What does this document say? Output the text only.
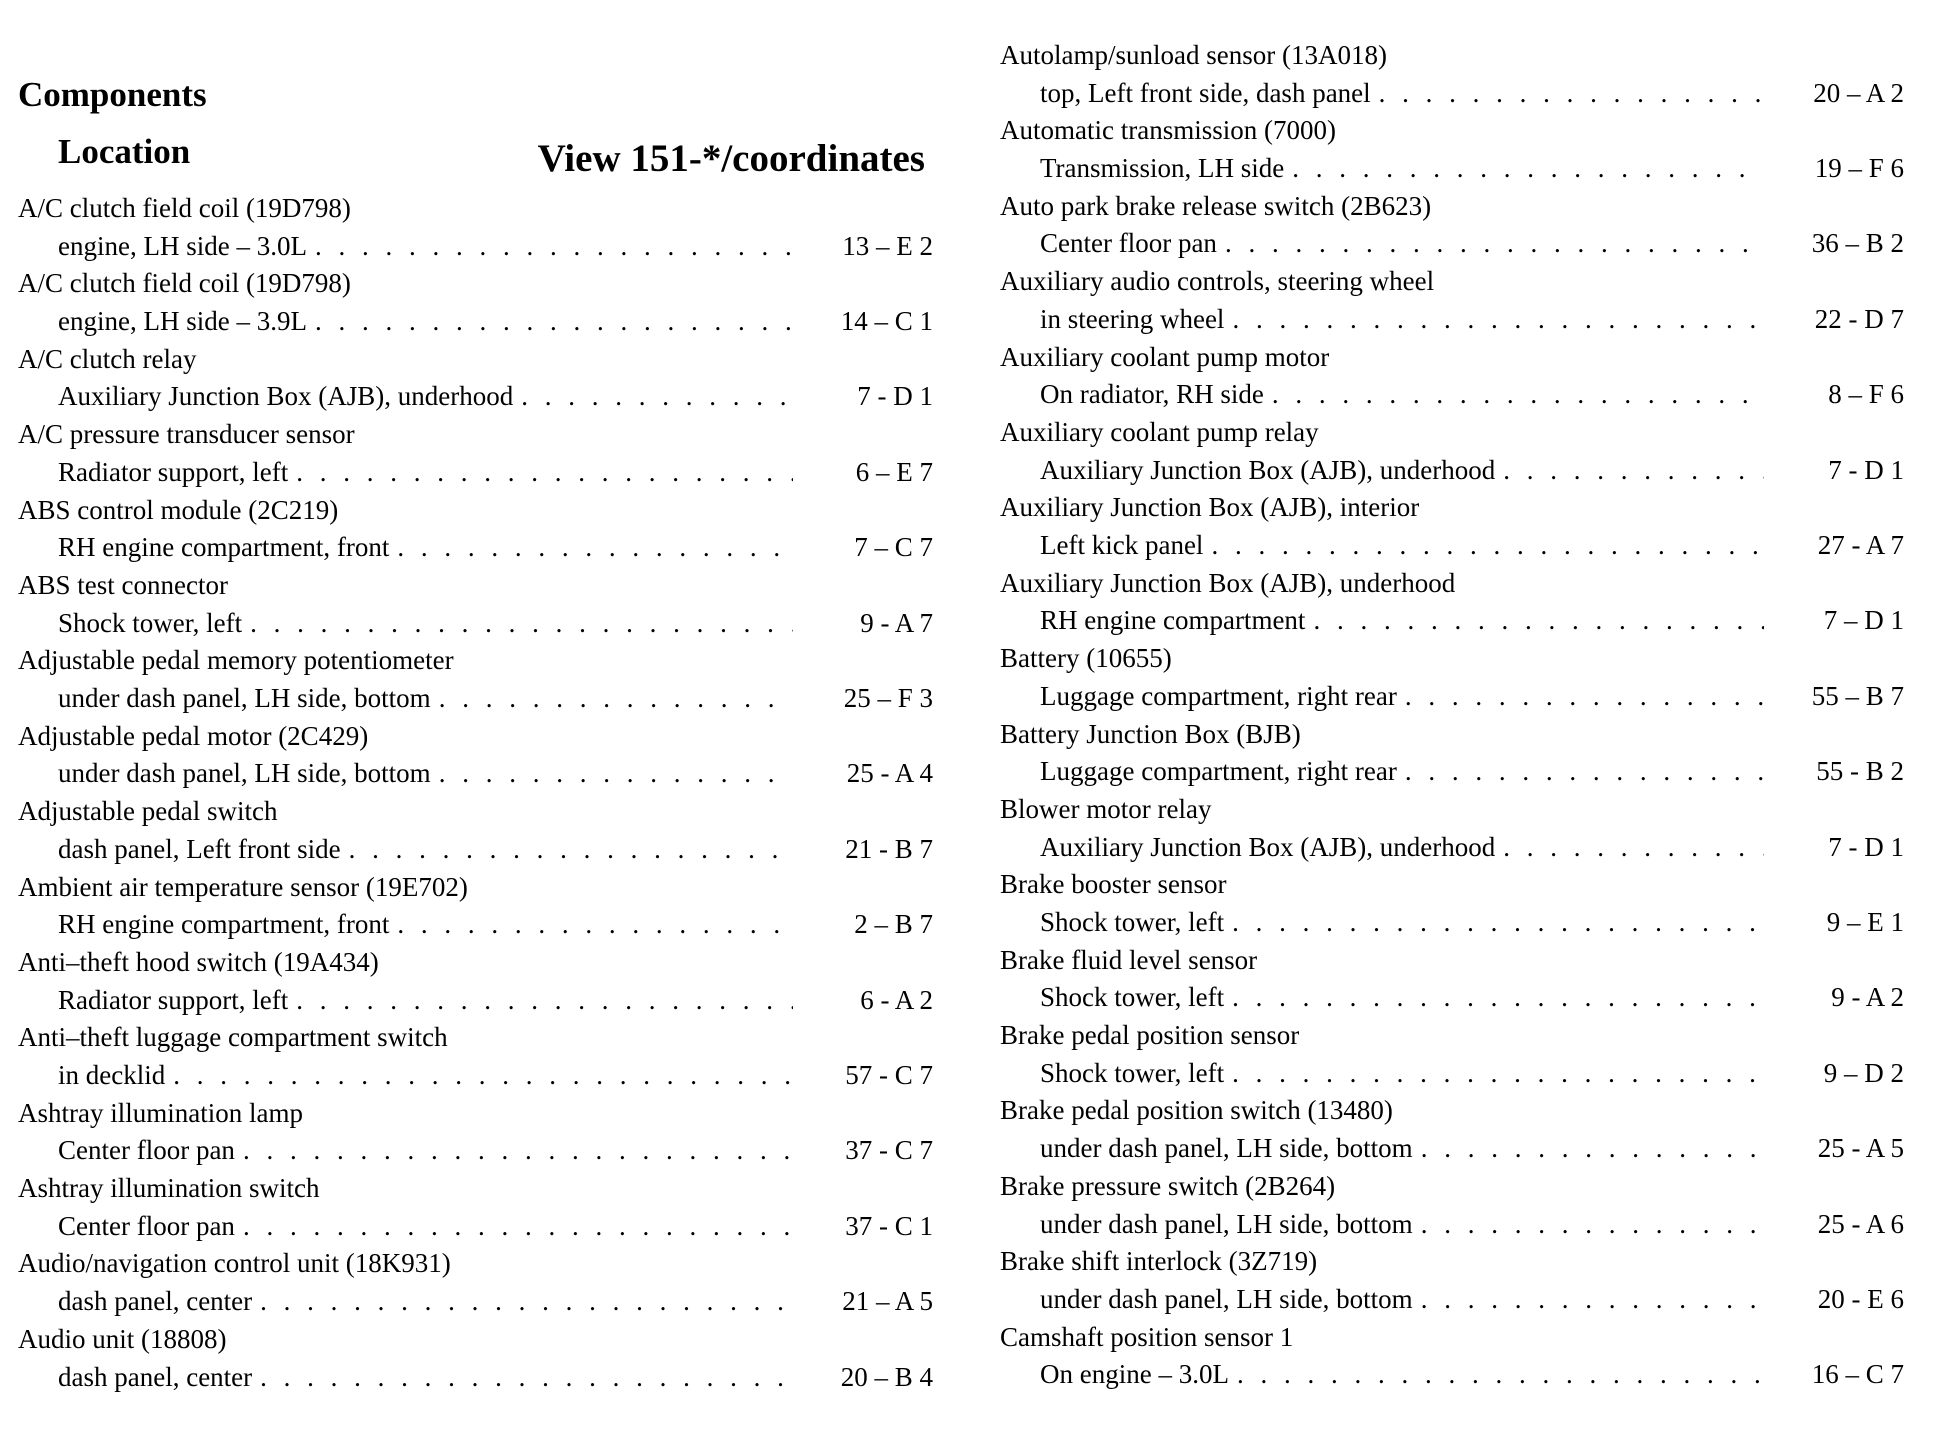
Components
Location	View 151-*/coordinates
A/C clutch field coil (19D798)
engine, LH side – 3.0L . . .	13 – E 2
A/C clutch field coil (19D798)
engine, LH side – 3.9L . . .	14 – C 1
A/C clutch relay
Auxiliary Junction Box (AJB), underhood . . .	7 - D 1
A/C pressure transducer sensor
Radiator support, left . . .	6 – E 7
ABS control module (2C219)
RH engine compartment, front . . .	7 – C 7
ABS test connector
Shock tower, left . . .	9 - A 7
Adjustable pedal memory potentiometer
under dash panel, LH side, bottom . . .	25 – F 3
Adjustable pedal motor (2C429)
under dash panel, LH side, bottom . . .	25 - A 4
Adjustable pedal switch
dash panel, Left front side . . .	21 - B 7
Ambient air temperature sensor (19E702)
RH engine compartment, front . . .	2 – B 7
Anti–theft hood switch (19A434)
Radiator support, left . . .	6 - A 2
Anti–theft luggage compartment switch
in decklid . . .	57 - C 7
Ashtray illumination lamp
Center floor pan . . .	37 - C 7
Ashtray illumination switch
Center floor pan . . .	37 - C 1
Audio/navigation control unit (18K931)
dash panel, center . . .	21 – A 5
Audio unit (18808)
dash panel, center . . .	20 – B 4
Autolamp/sunload sensor (13A018)
top, Left front side, dash panel . . .	20 – A 2
Automatic transmission (7000)
Transmission, LH side . . .	19 – F 6
Auto park brake release switch (2B623)
Center floor pan . . .	36 – B 2
Auxiliary audio controls, steering wheel
in steering wheel . . .	22 - D 7
Auxiliary coolant pump motor
On radiator, RH side . . .	8 – F 6
Auxiliary coolant pump relay
Auxiliary Junction Box (AJB), underhood . . .	7 - D 1
Auxiliary Junction Box (AJB), interior
Left kick panel . . .	27 - A 7
Auxiliary Junction Box (AJB), underhood
RH engine compartment . . .	7 – D 1
Battery (10655)
Luggage compartment, right rear . . .	55 – B 7
Battery Junction Box (BJB)
Luggage compartment, right rear . . .	55 - B 2
Blower motor relay
Auxiliary Junction Box (AJB), underhood . . .	7 - D 1
Brake booster sensor
Shock tower, left . . .	9 – E 1
Brake fluid level sensor
Shock tower, left . . .	9 - A 2
Brake pedal position sensor
Shock tower, left . . .	9 – D 2
Brake pedal position switch (13480)
under dash panel, LH side, bottom . . .	25 - A 5
Brake pressure switch (2B264)
under dash panel, LH side, bottom . . .	25 - A 6
Brake shift interlock (3Z719)
under dash panel, LH side, bottom . . .	20 - E 6
Camshaft position sensor 1
On engine – 3.0L . . .	16 – C 7
